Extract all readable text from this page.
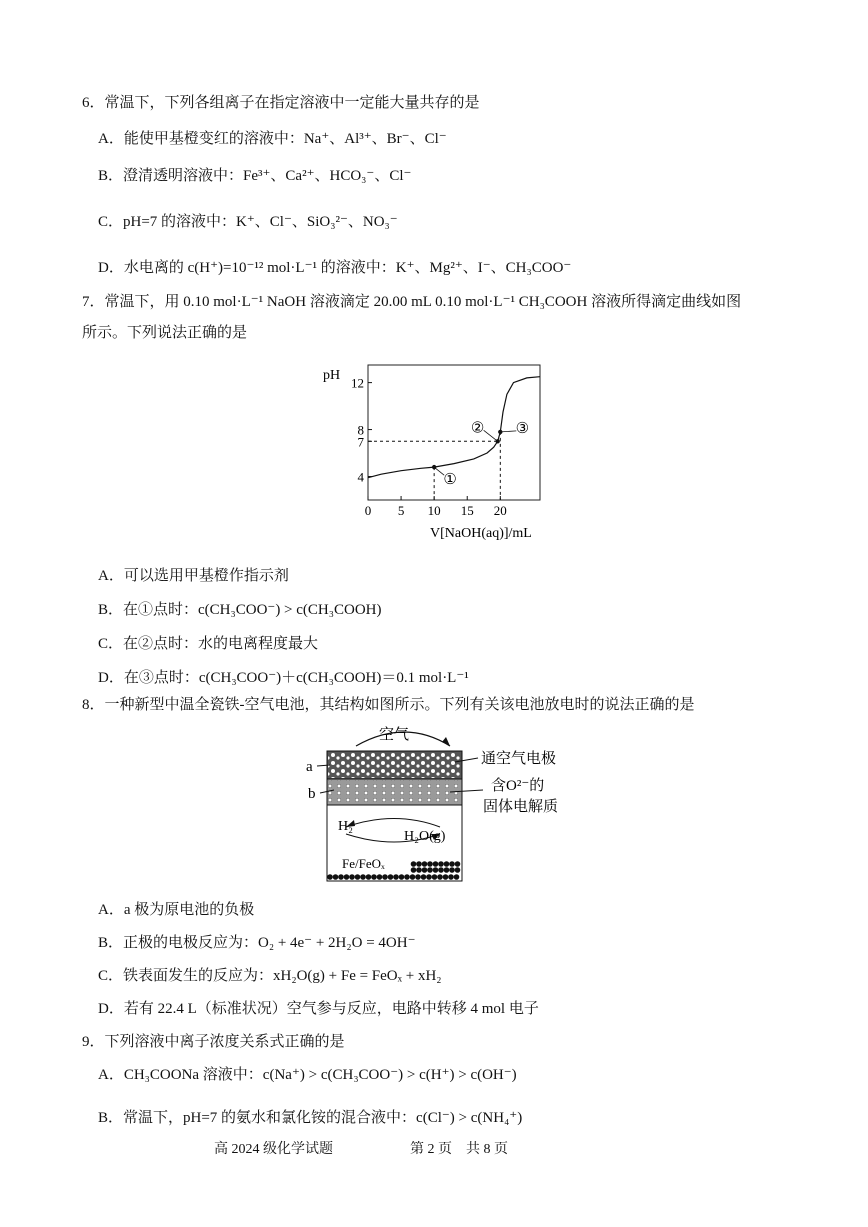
6．常温下，下列各组离子在指定溶液中一定能大量共存的是
A．能使甲基橙变红的溶液中：Na⁺、Al³⁺、Br⁻、Cl⁻
B．澄清透明溶液中：Fe³⁺、Ca²⁺、HCO₃⁻、Cl⁻
C．pH=7 的溶液中：K⁺、Cl⁻、SiO₃²⁻、NO₃⁻
D．水电离的 c(H⁺)=10⁻¹² mol·L⁻¹ 的溶液中：K⁺、Mg²⁺、I⁻、CH₃COO⁻
7．常温下，用 0.10 mol·L⁻¹ NaOH 溶液滴定 20.00 mL 0.10 mol·L⁻¹ CH₃COOH 溶液所得滴定曲线如图
所示。下列说法正确的是
pH
V[NaOH(aq)]/mL
0 5 10 15 20
4
7
8
12
①
② ③
A．可以选用甲基橙作指示剂
B．在①点时：c(CH₃COO⁻) > c(CH₃COOH)
C．在②点时：水的电离程度最大
D．在③点时：c(CH₃COO⁻)＋c(CH₃COOH)＝0.1 mol·L⁻¹
8．一种新型中温全瓷铁-空气电池，其结构如图所示。下列有关该电池放电时的说法正确的是
空气
H₂
H₂O(g)
Fe/FeOₓ
a
b
通空气电极
含O²⁻的
固体电解质
A．a 极为原电池的负极
B．正极的电极反应为：O₂ + 4e⁻ + 2H₂O = 4OH⁻
C．铁表面发生的反应为：xH₂O(g) + Fe = FeOₓ + xH₂
D．若有 22.4 L（标准状况）空气参与反应，电路中转移 4 mol 电子
9．下列溶液中离子浓度关系式正确的是
A．CH₃COONa 溶液中：c(Na⁺) > c(CH₃COO⁻) > c(H⁺) > c(OH⁻)
B．常温下，pH=7 的氨水和氯化铵的混合液中：c(Cl⁻) > c(NH₄⁺)
高 2024 级化学试题	第 2 页　共 8 页
